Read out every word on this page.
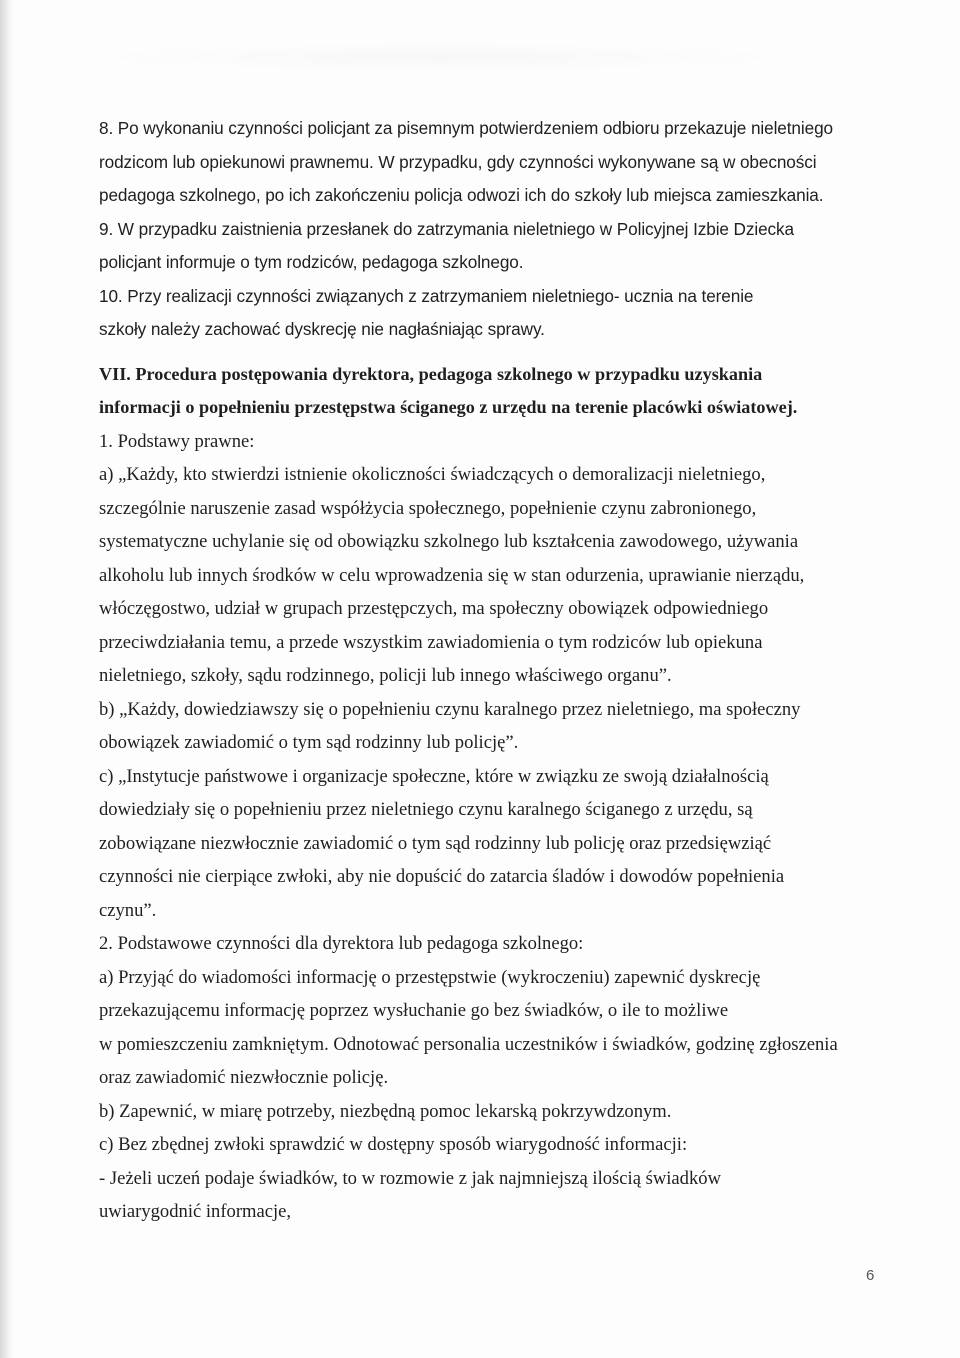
8. Po wykonaniu czynności policjant za pisemnym potwierdzeniem odbioru przekazuje nieletniego
rodzicom lub opiekunowi prawnemu. W przypadku, gdy czynności wykonywane są w obecności
pedagoga szkolnego, po ich zakończeniu policja odwozi ich do szkoły lub miejsca zamieszkania.
9. W przypadku zaistnienia przesłanek do zatrzymania nieletniego w Policyjnej Izbie Dziecka
policjant informuje o tym rodziców, pedagoga szkolnego.
10. Przy realizacji czynności związanych z zatrzymaniem nieletniego- ucznia na terenie
szkoły należy zachować dyskrecję nie nagłaśniając sprawy.
VII. Procedura postępowania dyrektora, pedagoga szkolnego w przypadku uzyskania
informacji o popełnieniu przestępstwa ściganego z urzędu na terenie placówki oświatowej.
1. Podstawy prawne:
a) „Każdy, kto stwierdzi istnienie okoliczności świadczących o demoralizacji nieletniego,
szczególnie naruszenie zasad współżycia społecznego, popełnienie czynu zabronionego,
systematyczne uchylanie się od obowiązku szkolnego lub kształcenia zawodowego, używania
alkoholu lub innych środków w celu wprowadzenia się w stan odurzenia, uprawianie nierządu,
włóczęgostwo, udział w grupach przestępczych, ma społeczny obowiązek odpowiedniego
przeciwdziałania temu, a przede wszystkim zawiadomienia o tym rodziców lub opiekuna
nieletniego, szkoły, sądu rodzinnego, policji lub innego właściwego organu”.
b) „Każdy, dowiedziawszy się o popełnieniu czynu karalnego przez nieletniego, ma społeczny
obowiązek zawiadomić o tym sąd rodzinny lub policję”.
c) „Instytucje państwowe i organizacje społeczne, które w związku ze swoją działalnością
dowiedziały się o popełnieniu przez nieletniego czynu karalnego ściganego z urzędu, są
zobowiązane niezwłocznie zawiadomić o tym sąd rodzinny lub policję oraz przedsięwziąć
czynności nie cierpiące zwłoki, aby nie dopuścić do zatarcia śladów i dowodów popełnienia
czynu”.
2. Podstawowe czynności dla dyrektora lub pedagoga szkolnego:
a) Przyjąć do wiadomości informację o przestępstwie (wykroczeniu) zapewnić dyskrecję
przekazującemu informację poprzez wysłuchanie go bez świadków, o ile to możliwe
w pomieszczeniu zamkniętym. Odnotować personalia uczestników i świadków, godzinę zgłoszenia
oraz zawiadomić niezwłocznie policję.
b) Zapewnić, w miarę potrzeby, niezbędną pomoc lekarską pokrzywdzonym.
c) Bez zbędnej zwłoki sprawdzić w dostępny sposób wiarygodność informacji:
- Jeżeli uczeń podaje świadków, to w rozmowie z jak najmniejszą ilością świadków
uwiarygodnić informacje,
6
